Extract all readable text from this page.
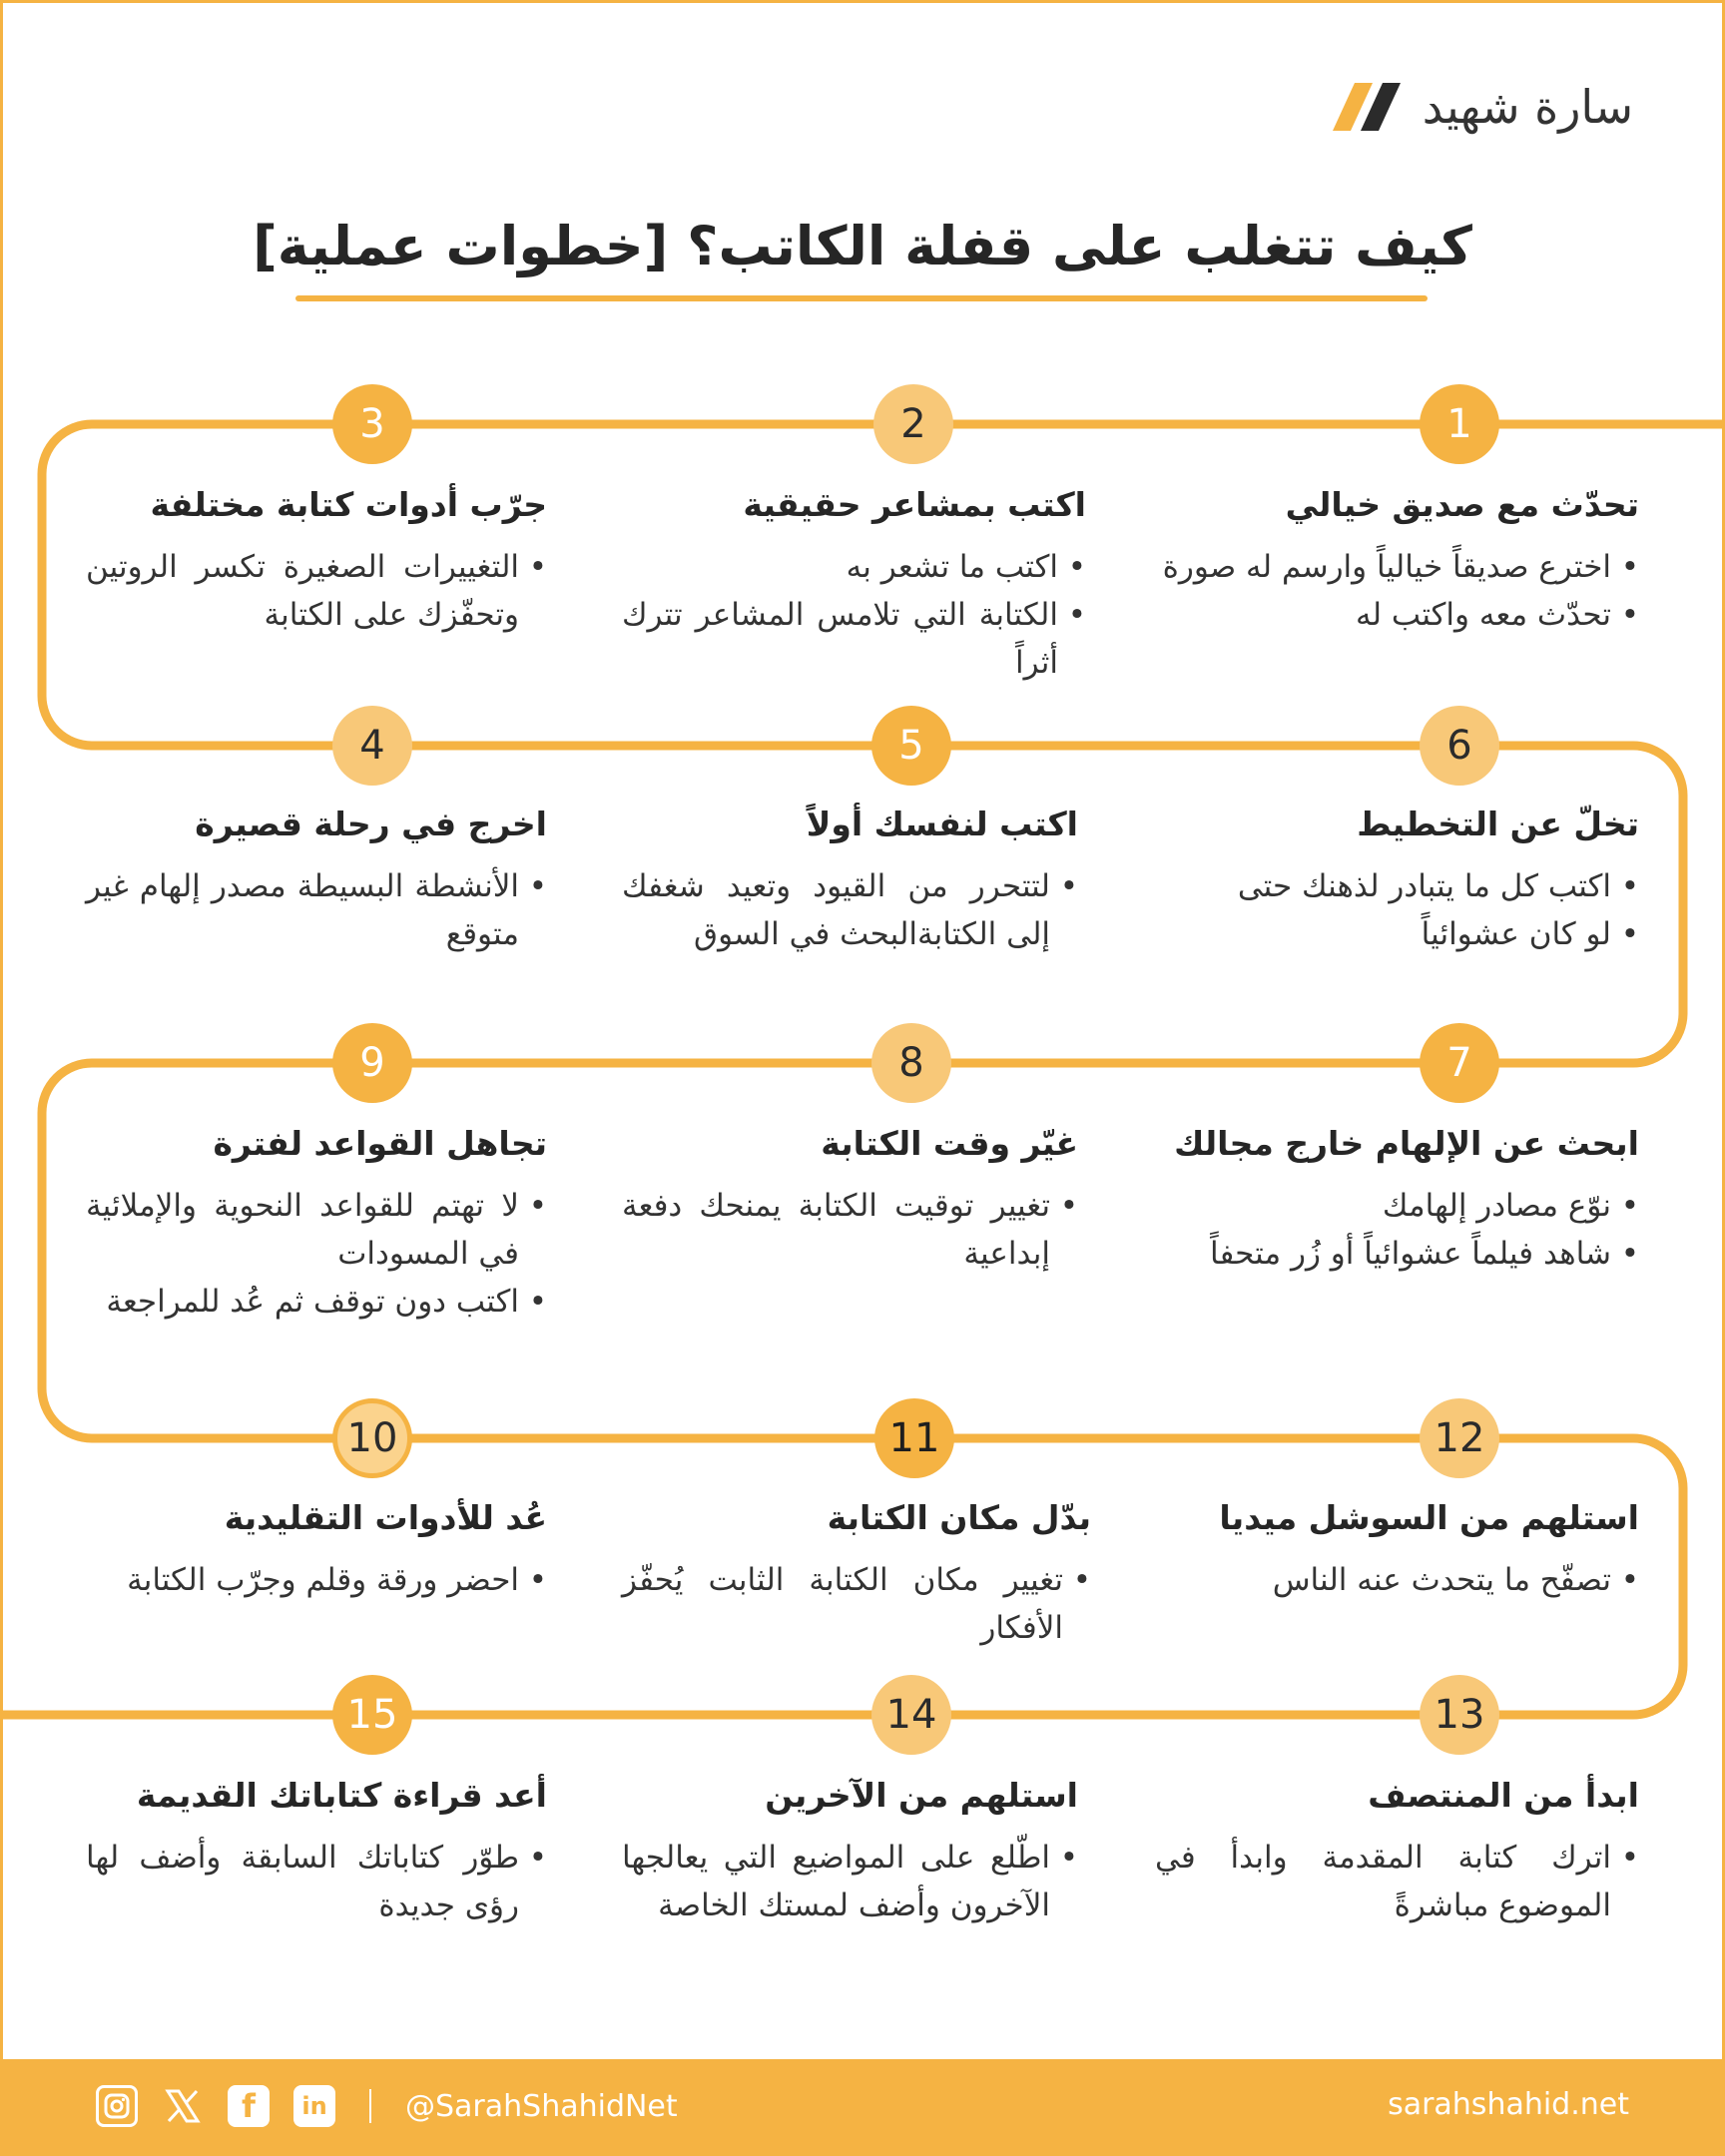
سارة شهيد
كيف تتغلب على قفلة الكاتب؟ [خطوات عملية]
1
2
3
4	5	6
7
8
9
10	11	12
13
14
15
تحدّث مع صديق خيالي
• اخترع صديقاً خيالياً وارسم له صورة
• تحدّث معه واكتب له
اكتب بمشاعر حقيقية
• اكتب ما تشعر به
• الكتابة التي تلامس المشاعر تترك أثراً
جرّب أدوات كتابة مختلفة
• التغييرات الصغيرة تكسر الروتين وتحفّزك على الكتابة
تخلّ عن التخطيط
• اكتب كل ما يتبادر لذهنك حتى
• لو كان عشوائياً
اكتب لنفسك أولاً
• لتتحرر من القيود وتعيد شغفك إلى الكتابةالبحث في السوق
اخرج في رحلة قصيرة
• الأنشطة البسيطة مصدر إلهام غير متوقع
ابحث عن الإلهام خارج مجالك
• نوّع مصادر إلهامك
• شاهد فيلماً عشوائياً أو زُر متحفاً
غيّر وقت الكتابة
• تغيير توقيت الكتابة يمنحك دفعة إبداعية
تجاهل القواعد لفترة
• لا تهتم للقواعد النحوية والإملائية في المسودات
• اكتب دون توقف ثم عُد للمراجعة
استلهم من السوشل ميديا
• تصفّح ما يتحدث عنه الناس
بدّل مكان الكتابة
• تغيير مكان الكتابة الثابت يُحفّز الأفكار
عُد للأدوات التقليدية
• احضر ورقة وقلم وجرّب الكتابة
ابدأ من المنتصف
• اترك كتابة المقدمة وابدأ في الموضوع مباشرةً
استلهم من الآخرين
• اطّلع على المواضيع التي يعالجها الآخرون وأضف لمستك الخاصة
أعد قراءة كتاباتك القديمة
• طوّر كتاباتك السابقة وأضف لها رؤى جديدة
f	in	@SarahShahidNet	sarahshahid.net
